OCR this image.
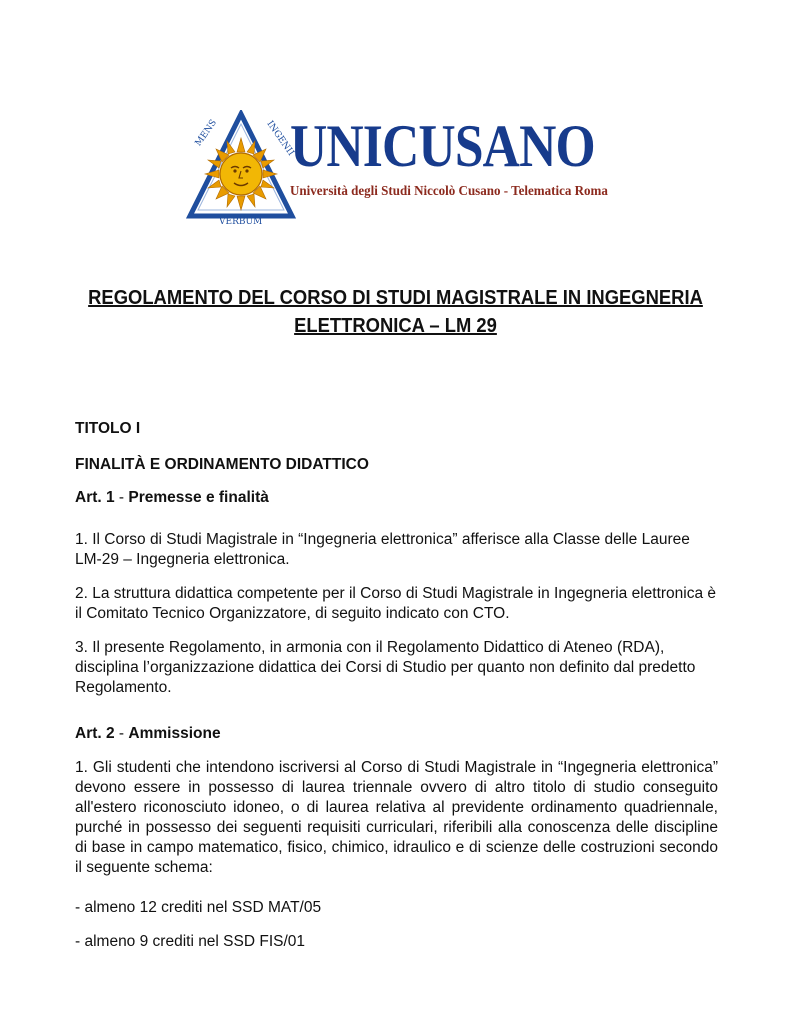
MENS	INGENII
VERBUM
UNICUSANO
Università degli Studi Niccolò Cusano - Telematica Roma
REGOLAMENTO DEL CORSO DI STUDI MAGISTRALE IN INGEGNERIA
ELETTRONICA – LM 29
TITOLO I
FINALITÀ E ORDINAMENTO DIDATTICO
Art. 1 - Premesse e finalità
1. Il Corso di Studi Magistrale in “Ingegneria elettronica” afferisce alla Classe delle Lauree LM-29 – Ingegneria elettronica.
2. La struttura didattica competente per il Corso di Studi Magistrale in Ingegneria elettronica è il Comitato Tecnico Organizzatore, di seguito indicato con CTO.
3. Il presente Regolamento, in armonia con il Regolamento Didattico di Ateneo (RDA), disciplina l’organizzazione didattica dei Corsi di Studio per quanto non definito dal predetto Regolamento.
Art. 2 - Ammissione
1. Gli studenti che intendono iscriversi al Corso di Studi Magistrale in “Ingegneria elettronica” devono essere in possesso di laurea triennale ovvero di altro titolo di studio conseguito all'estero riconosciuto idoneo, o di laurea relativa al previdente ordinamento quadriennale, purché in possesso dei seguenti requisiti curriculari, riferibili alla conoscenza delle discipline di base in campo matematico, fisico, chimico, idraulico e di scienze delle costruzioni secondo il seguente schema:
- almeno 12 crediti nel SSD MAT/05
- almeno 9 crediti nel SSD FIS/01
